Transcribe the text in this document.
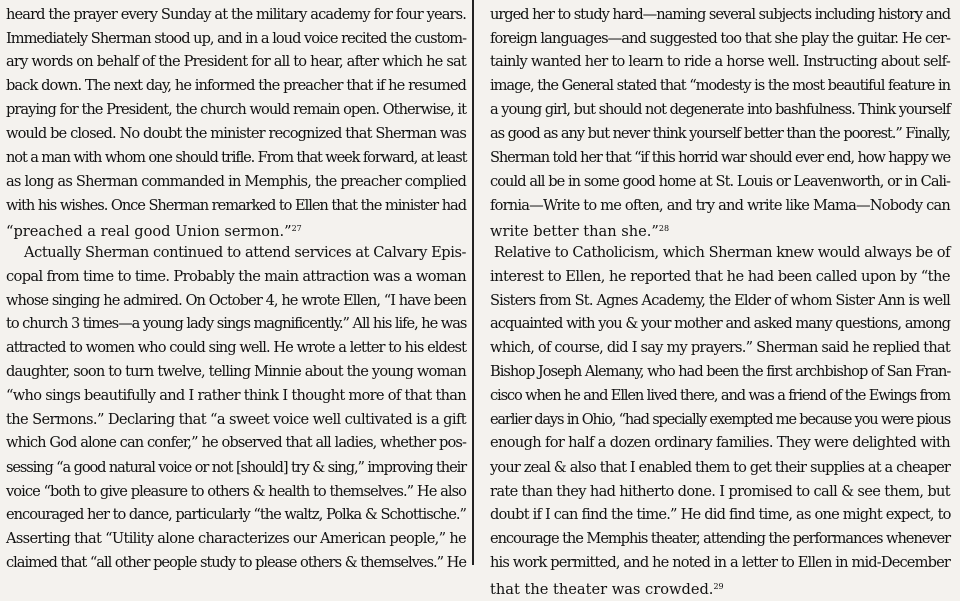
heard the prayer every Sunday at the military academy for four years.
Immediately Sherman stood up, and in a loud voice recited the custom-
ary words on behalf of the President for all to hear, after which he sat
back down. The next day, he informed the preacher that if he resumed
praying for the President, the church would remain open. Otherwise, it
would be closed. No doubt the minister recognized that Sherman was
not a man with whom one should trifle. From that week forward, at least
as long as Sherman commanded in Memphis, the preacher complied
with his wishes. Once Sherman remarked to Ellen that the minister had
“preached a real good Union sermon.”$^{27}$
Actually Sherman continued to attend services at Calvary Epis-
copal from time to time. Probably the main attraction was a woman
whose singing he admired. On October 4, he wrote Ellen, “I have been
to church 3 times—a young lady sings magnificently.” All his life, he was
attracted to women who could sing well. He wrote a letter to his eldest
daughter, soon to turn twelve, telling Minnie about the young woman
“who sings beautifully and I rather think I thought more of that than
the Sermons.” Declaring that “a sweet voice well cultivated is a gift
which God alone can confer,” he observed that all ladies, whether pos-
sessing “a good natural voice or not [should] try & sing,” improving their
voice “both to give pleasure to others & health to themselves.” He also
encouraged her to dance, particularly “the waltz, Polka & Schottische.”
Asserting that “Utility alone characterizes our American people,” he
claimed that “all other people study to please others & themselves.” He
urged her to study hard—naming several subjects including history and
foreign languages—and suggested too that she play the guitar. He cer-
tainly wanted her to learn to ride a horse well. Instructing about self-
image, the General stated that “modesty is the most beautiful feature in
a young girl, but should not degenerate into bashfulness. Think yourself
as good as any but never think yourself better than the poorest.” Finally,
Sherman told her that “if this horrid war should ever end, how happy we
could all be in some good home at St. Louis or Leavenworth, or in Cali-
fornia—Write to me often, and try and write like Mama—Nobody can
write better than she.”$^{28}$
Relative to Catholicism, which Sherman knew would always be of
interest to Ellen, he reported that he had been called upon by “the
Sisters from St. Agnes Academy, the Elder of whom Sister Ann is well
acquainted with you & your mother and asked many questions, among
which, of course, did I say my prayers.” Sherman said he replied that
Bishop Joseph Alemany, who had been the first archbishop of San Fran-
cisco when he and Ellen lived there, and was a friend of the Ewings from
earlier days in Ohio, “had specially exempted me because you were pious
enough for half a dozen ordinary families. They were delighted with
your zeal & also that I enabled them to get their supplies at a cheaper
rate than they had hitherto done. I promised to call & see them, but
doubt if I can find the time.” He did find time, as one might expect, to
encourage the Memphis theater, attending the performances whenever
his work permitted, and he noted in a letter to Ellen in mid-December
that the theater was crowded.$^{29}$
